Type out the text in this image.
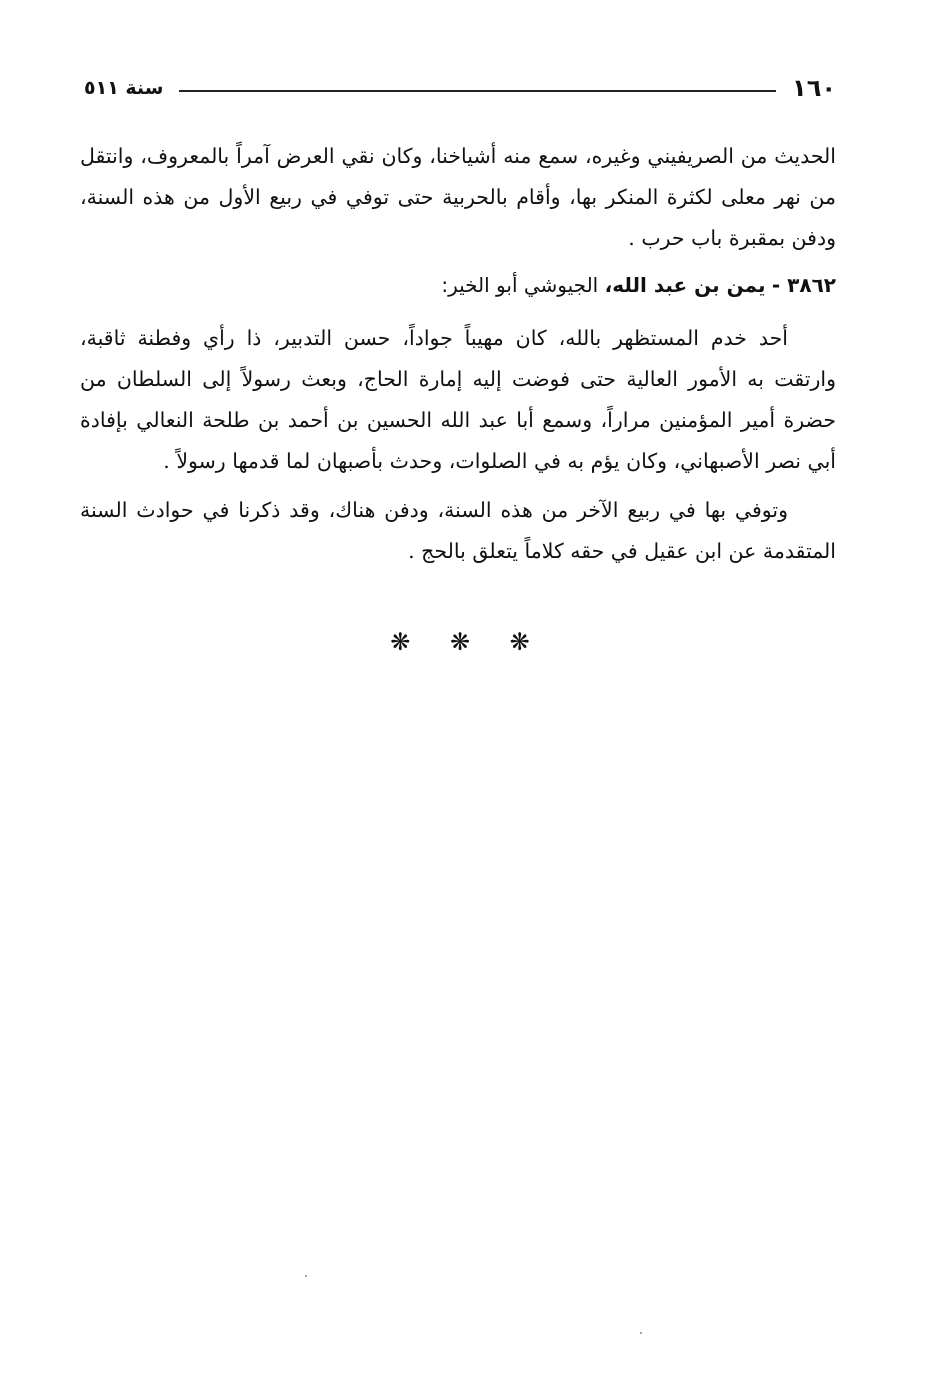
١٦٠
سنة ٥١١

الحديث من الصريفيني وغيره، سمع منه أشياخنا، وكان نقي العرض آمراً بالمعروف، وانتقل من نهر معلى لكثرة المنكر بها، وأقام بالحربية حتى توفي في ربيع الأول من هذه السنة، ودفن بمقبرة باب حرب .

٣٨٦٢ - يمن بن عبد الله، الجيوشي أبو الخير:

أحد خدم المستظهر بالله، كان مهيباً جواداً، حسن التدبير، ذا رأي وفطنة ثاقبة، وارتقت به الأمور العالية حتى فوضت إليه إمارة الحاج، وبعث رسولاً إلى السلطان من حضرة أمير المؤمنين مراراً، وسمع أبا عبد الله الحسين بن أحمد بن طلحة النعالي بإفادة أبي نصر الأصبهاني، وكان يؤم به في الصلوات، وحدث بأصبهان لما قدمها رسولاً .

وتوفي بها في ربيع الآخر من هذه السنة، ودفن هناك، وقد ذكرنا في حوادث السنة المتقدمة عن ابن عقيل في حقه كلاماً يتعلق بالحج .

❋ ❋ ❋
